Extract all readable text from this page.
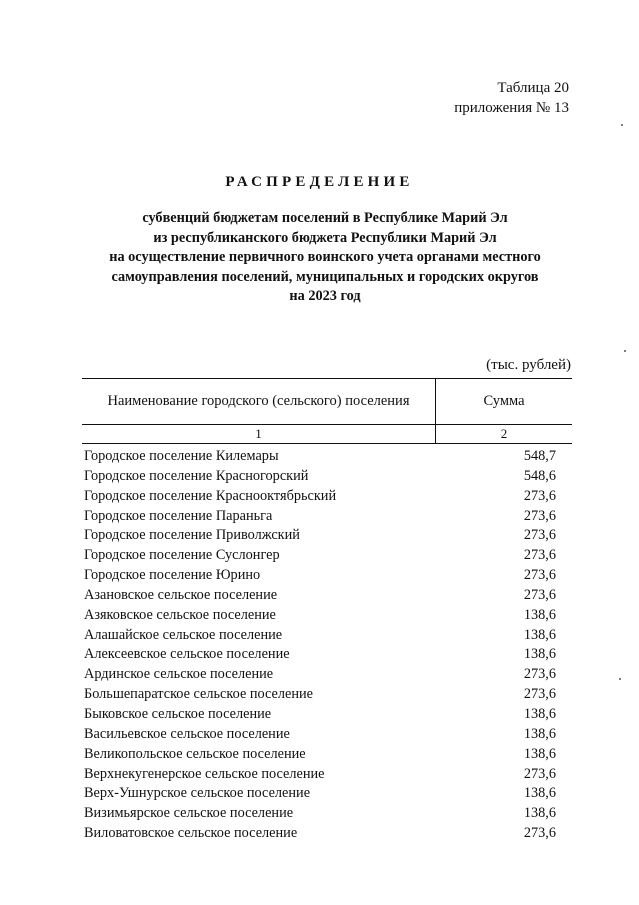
Таблица 20
приложения № 13
РАСПРЕДЕЛЕНИЕ
субвенций бюджетам поселений в Республике Марий Эл
из республиканского бюджета Республики Марий Эл
на осуществление первичного воинского учета органами местного
самоуправления поселений, муниципальных и городских округов
на 2023 год
(тыс. рублей)
Наименование городского (сельского) поселения	Сумма
1	2
Городское поселение Килемары	548,7
Городское поселение Красногорский	548,6
Городское поселение Краснооктябрьский	273,6
Городское поселение Параньга	273,6
Городское поселение Приволжский	273,6
Городское поселение Суслонгер	273,6
Городское поселение Юрино	273,6
Азановское сельское поселение	273,6
Азяковское сельское поселение	138,6
Алашайское сельское поселение	138,6
Алексеевское сельское поселение	138,6
Ардинское сельское поселение	273,6
Большепаратское сельское поселение	273,6
Быковское сельское поселение	138,6
Васильевское сельское поселение	138,6
Великопольское сельское поселение	138,6
Верхнекугенерское сельское поселение	273,6
Верх-Ушнурское сельское поселение	138,6
Визимьярское сельское поселение	138,6
Виловатовское сельское поселение	273,6
